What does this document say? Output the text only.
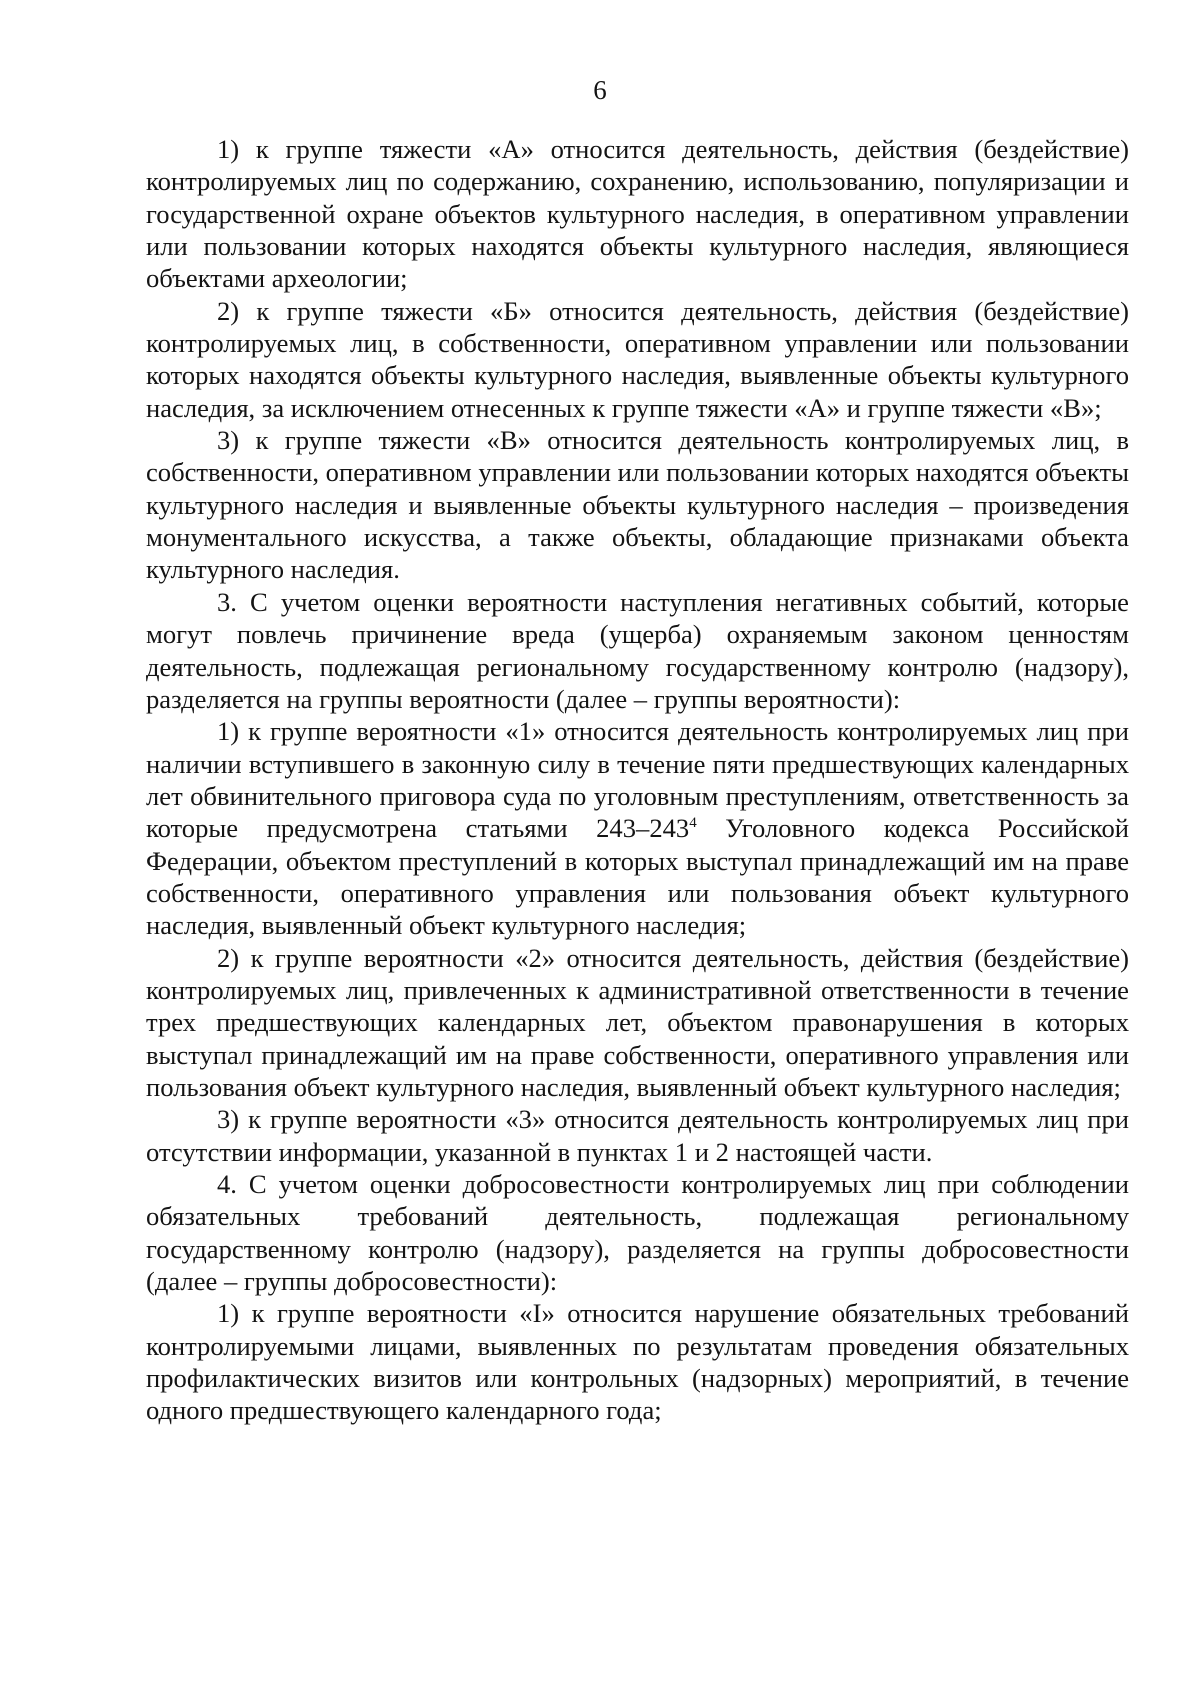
6

1) к группе тяжести «А» относится деятельность, действия (бездействие) контролируемых лиц по содержанию, сохранению, использованию, популяризации и государственной охране объектов культурного наследия, в оперативном управлении или пользовании которых находятся объекты культурного наследия, являющиеся объектами археологии;

2) к группе тяжести «Б» относится деятельность, действия (бездействие) контролируемых лиц, в собственности, оперативном управлении или пользовании которых находятся объекты культурного наследия, выявленные объекты культурного наследия, за исключением отнесенных к группе тяжести «А» и группе тяжести «В»;

3) к группе тяжести «В» относится деятельность контролируемых лиц, в собственности, оперативном управлении или пользовании которых находятся объекты культурного наследия и выявленные объекты культурного наследия – произведения монументального искусства, а также объекты, обладающие признаками объекта культурного наследия.

3. С учетом оценки вероятности наступления негативных событий, которые могут повлечь причинение вреда (ущерба) охраняемым законом ценностям деятельность, подлежащая региональному государственному контролю (надзору), разделяется на группы вероятности (далее – группы вероятности):

1) к группе вероятности «1» относится деятельность контролируемых лиц при наличии вступившего в законную силу в течение пяти предшествующих календарных лет обвинительного приговора суда по уголовным преступлениям, ответственность за которые предусмотрена статьями $243-243^4$ Уголовного кодекса Российской Федерации, объектом преступлений в которых выступал принадлежащий им на праве собственности, оперативного управления или пользования объект культурного наследия, выявленный объект культурного наследия;

2) к группе вероятности «2» относится деятельность, действия (бездействие) контролируемых лиц, привлеченных к административной ответственности в течение трех предшествующих календарных лет, объектом правонарушения в которых выступал принадлежащий им на праве собственности, оперативного управления или пользования объект культурного наследия, выявленный объект культурного наследия;

3) к группе вероятности «3» относится деятельность контролируемых лиц при отсутствии информации, указанной в пунктах 1 и 2 настоящей части.

4. С учетом оценки добросовестности контролируемых лиц при соблюдении обязательных требований деятельность, подлежащая региональному государственному контролю (надзору), разделяется на группы добросовестности (далее – группы добросовестности):

1) к группе вероятности «I» относится нарушение обязательных требований контролируемыми лицами, выявленных по результатам проведения обязательных профилактических визитов или контрольных (надзорных) мероприятий, в течение одного предшествующего календарного года;
